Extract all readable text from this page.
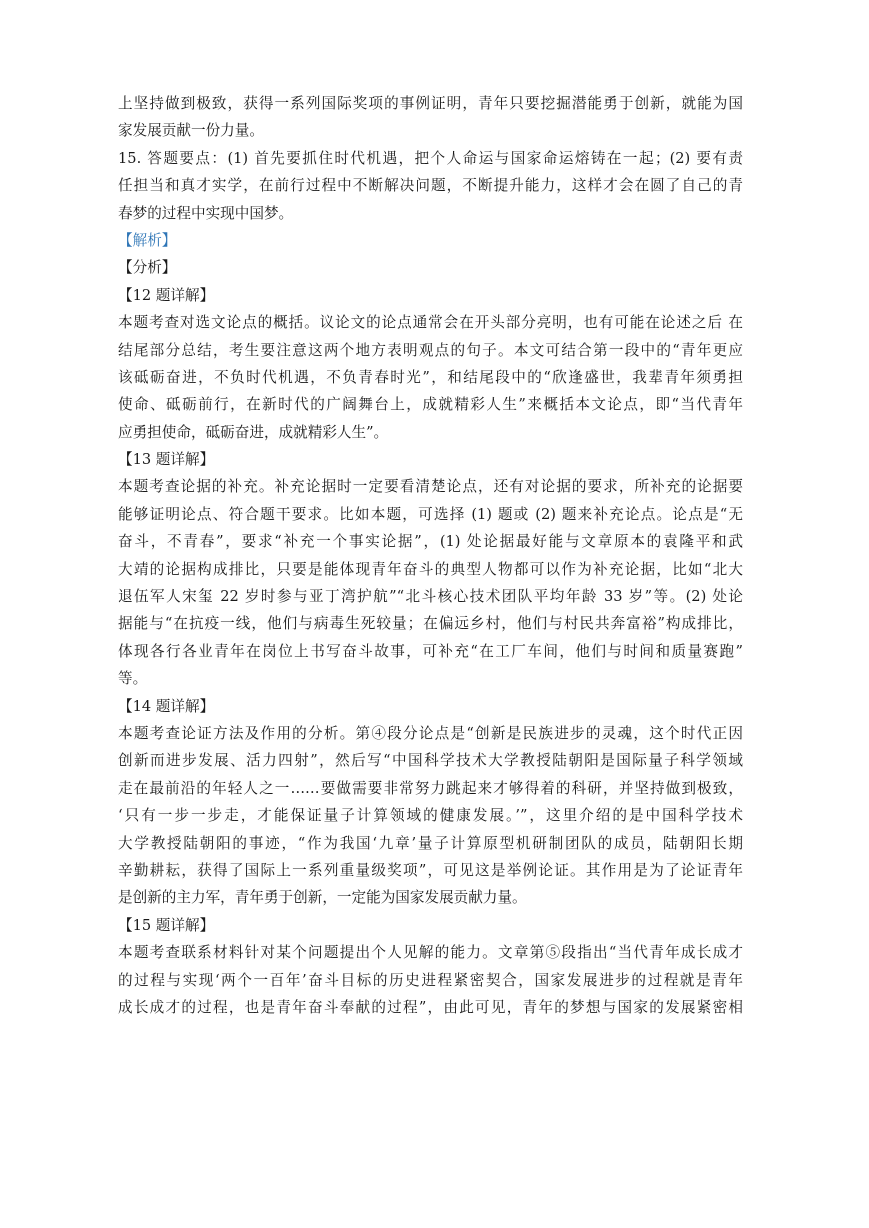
上坚持做到极致，获得一系列国际奖项的事例证明，青年只要挖掘潜能勇于创新，就能为国
家发展贡献一份力量。
15. 答题要点：(1) 首先要抓住时代机遇，把个人命运与国家命运熔铸在一起；(2) 要有责
任担当和真才实学，在前行过程中不断解决问题，不断提升能力，这样才会在圆了自己的青
春梦的过程中实现中国梦。
【解析】
【分析】
【12 题详解】
本题考查对选文论点的概括。议论文的论点通常会在开头部分亮明，也有可能在论述之后 在
结尾部分总结，考生要注意这两个地方表明观点的句子。本文可结合第一段中的“青年更应
该砥砺奋进，不负时代机遇，不负青春时光”，和结尾段中的“欣逢盛世，我辈青年须勇担
使命、砥砺前行，在新时代的广阔舞台上，成就精彩人生”来概括本文论点，即“当代青年
应勇担使命，砥砺奋进，成就精彩人生”。
【13 题详解】
本题考查论据的补充。补充论据时一定要看清楚论点，还有对论据的要求，所补充的论据要
能够证明论点、符合题干要求。比如本题，可选择 (1) 题或 (2) 题来补充论点。论点是“无
奋斗，不青春”，要求“补充一个事实论据”，(1) 处论据最好能与文章原本的袁隆平和武
大靖的论据构成排比，只要是能体现青年奋斗的典型人物都可以作为补充论据，比如“北大
退伍军人宋玺 22 岁时参与亚丁湾护航”“北斗核心技术团队平均年龄 33 岁”等。(2) 处论
据能与“在抗疫一线，他们与病毒生死较量；在偏远乡村，他们与村民共奔富裕”构成排比，
体现各行各业青年在岗位上书写奋斗故事，可补充“在工厂车间，他们与时间和质量赛跑”
等。
【14 题详解】
本题考查论证方法及作用的分析。第④段分论点是“创新是民族进步的灵魂，这个时代正因
创新而进步发展、活力四射”，然后写“中国科学技术大学教授陆朝阳是国际量子科学领域
走在最前沿的年轻人之一……要做需要非常努力跳起来才够得着的科研，并坚持做到极致，
‘只有一步一步走，才能保证量子计算领域的健康发展。’”，这里介绍的是中国科学技术
大学教授陆朝阳的事迹，“作为我国‘九章’量子计算原型机研制团队的成员，陆朝阳长期
辛勤耕耘，获得了国际上一系列重量级奖项”，可见这是举例论证。其作用是为了论证青年
是创新的主力军，青年勇于创新，一定能为国家发展贡献力量。
【15 题详解】
本题考查联系材料针对某个问题提出个人见解的能力。文章第⑤段指出“当代青年成长成才
的过程与实现‘两个一百年’奋斗目标的历史进程紧密契合，国家发展进步的过程就是青年
成长成才的过程，也是青年奋斗奉献的过程”，由此可见，青年的梦想与国家的发展紧密相
